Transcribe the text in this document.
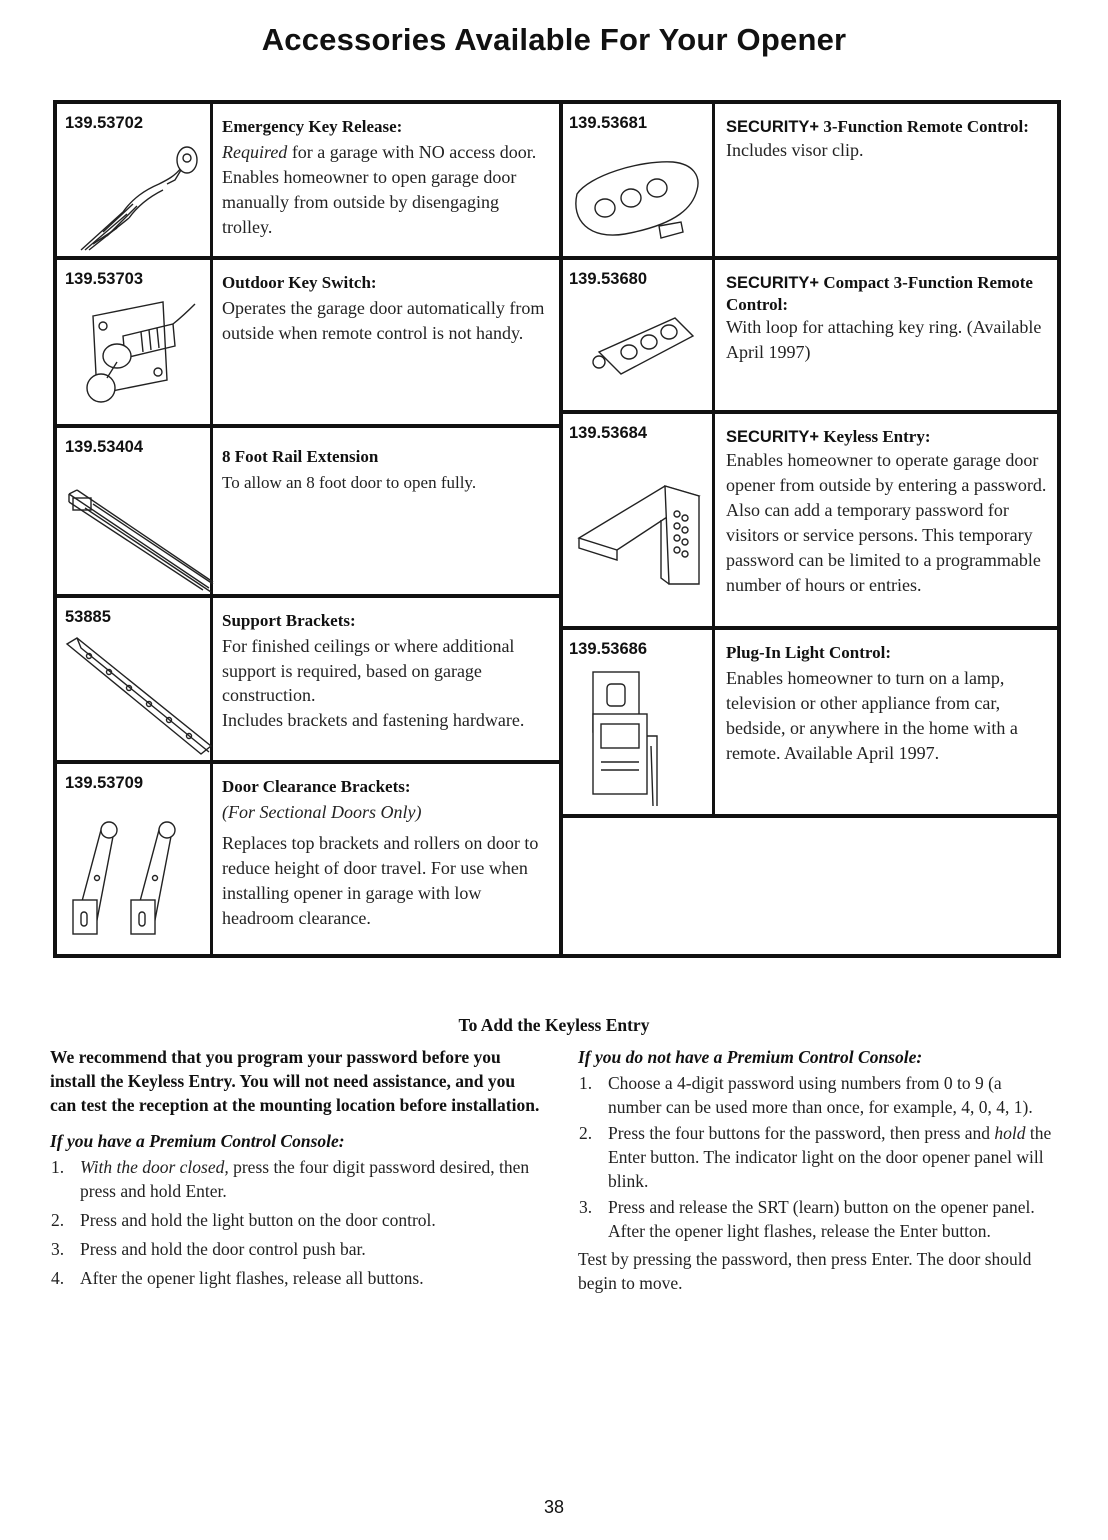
Accessories Available For Your Opener
139.53702	Emergency Key Release:
Required for a garage with NO access door. Enables homeowner to open garage door manually from outside by disengaging trolley.
139.53703	Outdoor Key Switch:
Operates the garage door automatically from outside when remote control is not handy.
139.53404	8 Foot Rail Extension
To allow an 8 foot door to open fully.
53885	Support Brackets:
For finished ceilings or where additional support is required, based on garage construction.
Includes brackets and fastening hardware.
139.53709	Door Clearance Brackets:
(For Sectional Doors Only)
Replaces top brackets and rollers on door to reduce height of door travel. For use when installing opener in garage with low headroom clearance.
139.53681	SECURITY+ 3-Function Remote Control:
Includes visor clip.
139.53680	SECURITY+ Compact 3-Function Remote Control:
With loop for attaching key ring. (Available April 1997)
139.53684	SECURITY+ Keyless Entry:
Enables homeowner to operate garage door opener from outside by entering a password. Also can add a temporary password for visitors or service persons. This temporary password can be limited to a programmable number of hours or entries.
139.53686	Plug-In Light Control:
Enables homeowner to turn on a lamp, television or other appliance from car, bedside, or anywhere in the home with a remote. Available April 1997.
To Add the Keyless Entry

We recommend that you program your password before you install the Keyless Entry. You will not need assistance, and you can test the reception at the mounting location before installation.

If you have a Premium Control Console:

1. With the door closed, press the four digit password desired, then press and hold Enter.
2. Press and hold the light button on the door control.
3. Press and hold the door control push bar.
4. After the opener light flashes, release all buttons.

If you do not have a Premium Control Console:

1. Choose a 4-digit password using numbers from 0 to 9 (a number can be used more than once, for example, 4, 0, 4, 1).
2. Press the four buttons for the password, then press and hold the Enter button. The indicator light on the door opener panel will blink.
3. Press and release the SRT (learn) button on the opener panel. After the opener light flashes, release the Enter button.

Test by pressing the password, then press Enter. The door should begin to move.

38
